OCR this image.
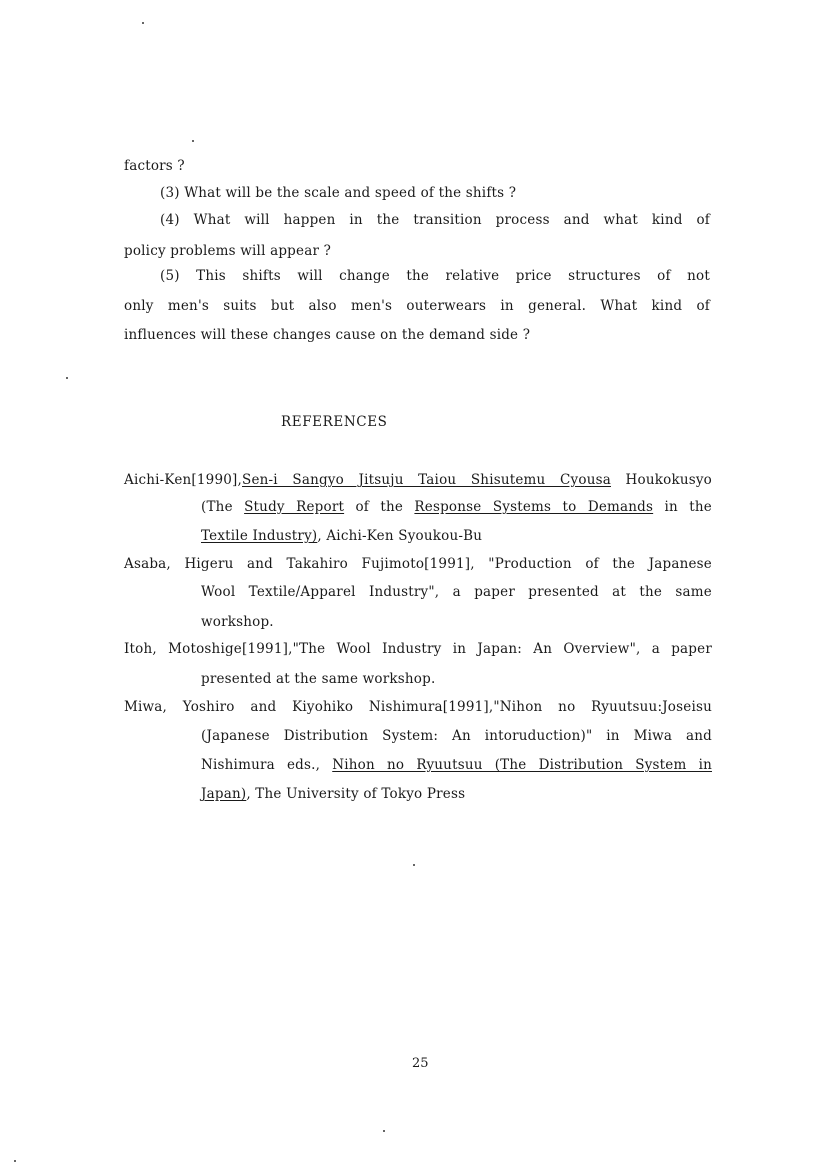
factors ?
(3) What will be the scale and speed of the shifts ?
(4) What will happen in the transition process and what kind of
policy problems will appear ?
(5) This shifts will change the relative price structures of not
only men's suits but also men's outerwears in general. What kind of
influences will these changes cause on the demand side ?
REFERENCES
Aichi-Ken[1990],Sen-i Sangyo Jitsuju Taiou Shisutemu Cyousa Houkokusyo
(The Study Report of the Response Systems to Demands in the
Textile Industry), Aichi-Ken Syoukou-Bu
Asaba, Higeru and Takahiro Fujimoto[1991], "Production of the Japanese
Wool Textile/Apparel Industry", a paper presented at the same
workshop.
Itoh, Motoshige[1991],"The Wool Industry in Japan: An Overview", a paper
presented at the same workshop.
Miwa, Yoshiro and Kiyohiko Nishimura[1991],"Nihon no Ryuutsuu:Joseisu
(Japanese Distribution System: An intoruduction)" in Miwa and
Nishimura eds., Nihon no Ryuutsuu (The Distribution System in
Japan), The University of Tokyo Press
25
